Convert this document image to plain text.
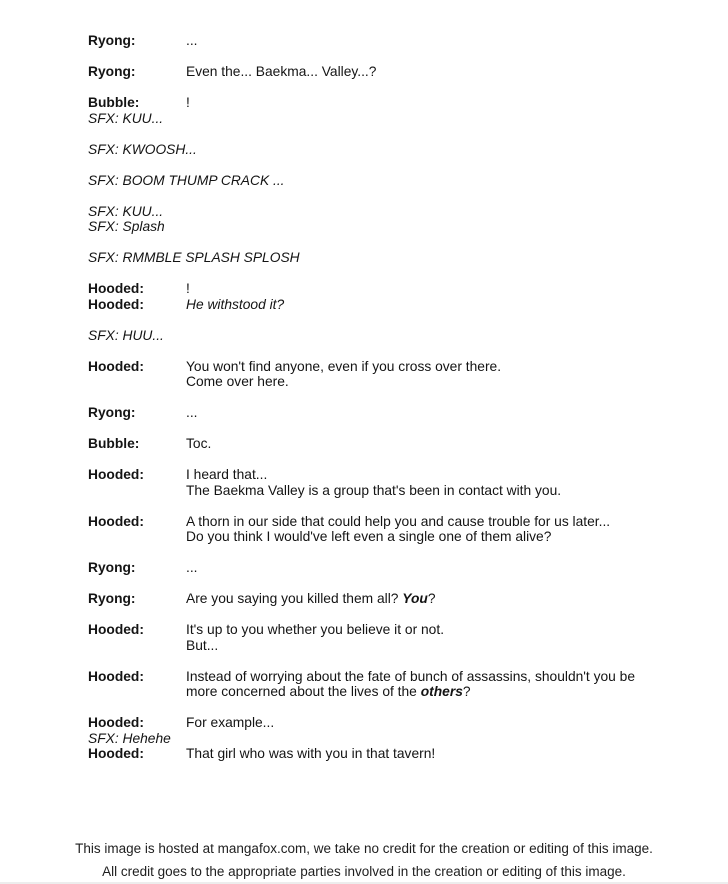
Ryong:	...
Ryong:	Even the... Baekma... Valley...?
Bubble:	!
SFX: KUU...
SFX: KWOOSH...
SFX: BOOM THUMP CRACK ...
SFX: KUU...
SFX: Splash
SFX: RMMBLE SPLASH SPLOSH
Hooded:	!
Hooded:	He withstood it?
SFX: HUU...
Hooded:	You won't find anyone, even if you cross over there.
Come over here.
Ryong:	...
Bubble:	Toc.
Hooded:	I heard that...
The Baekma Valley is a group that's been in contact with you.
Hooded:	A thorn in our side that could help you and cause trouble for us later...
Do you think I would've left even a single one of them alive?
Ryong:	...
Ryong:	Are you saying you killed them all? You?
Hooded:	It's up to you whether you believe it or not.
But...
Hooded:	Instead of worrying about the fate of bunch of assassins, shouldn't you be
more concerned about the lives of the others?
Hooded:	For example...
SFX: Hehehe
Hooded:	That girl who was with you in that tavern!
This image is hosted at mangafox.com, we take no credit for the creation or editing of this image.
All credit goes to the appropriate parties involved in the creation or editing of this image.
